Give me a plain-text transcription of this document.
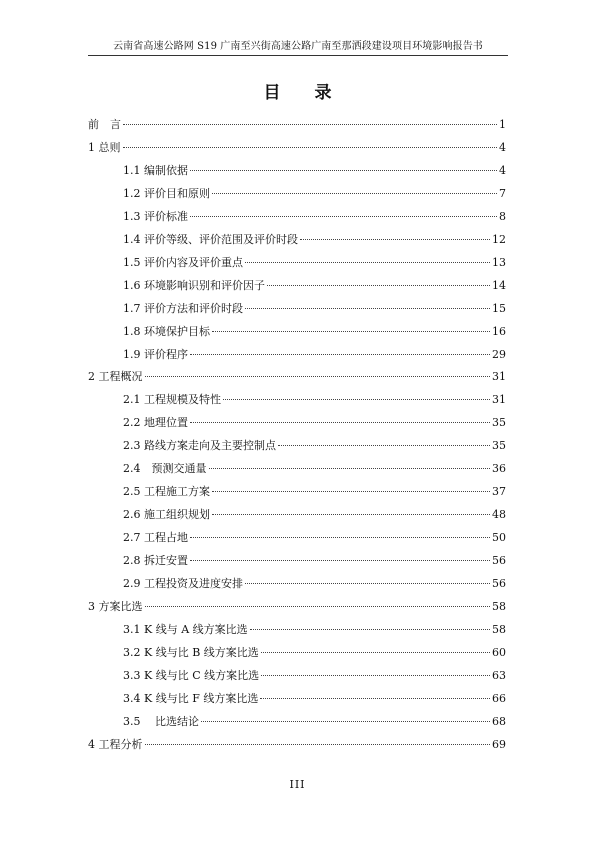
云南省高速公路网 S19 广南至兴街高速公路广南至那洒段建设项目环境影响报告书
目 录
前　言	1
1 总则	4
1.1 编制依据	4
1.2 评价目和原则	7
1.3 评价标准	8
1.4 评价等级、评价范围及评价时段	12
1.5 评价内容及评价重点	13
1.6 环境影响识别和评价因子	14
1.7 评价方法和评价时段	15
1.8 环境保护目标	16
1.9 评价程序	29
2 工程概况	31
2.1 工程规模及特性	31
2.2 地理位置	35
2.3 路线方案走向及主要控制点	35
2.4　预测交通量	36
2.5 工程施工方案	37
2.6 施工组织规划	48
2.7 工程占地	50
2.8 拆迁安置	56
2.9 工程投资及进度安排	56
3 方案比选	58
3.1 K 线与 A 线方案比选	58
3.2 K 线与比 B 线方案比选	60
3.3 K 线与比 C 线方案比选	63
3.4 K 线与比 F 线方案比选	66
3.5　 比选结论	68
4 工程分析	69
III
